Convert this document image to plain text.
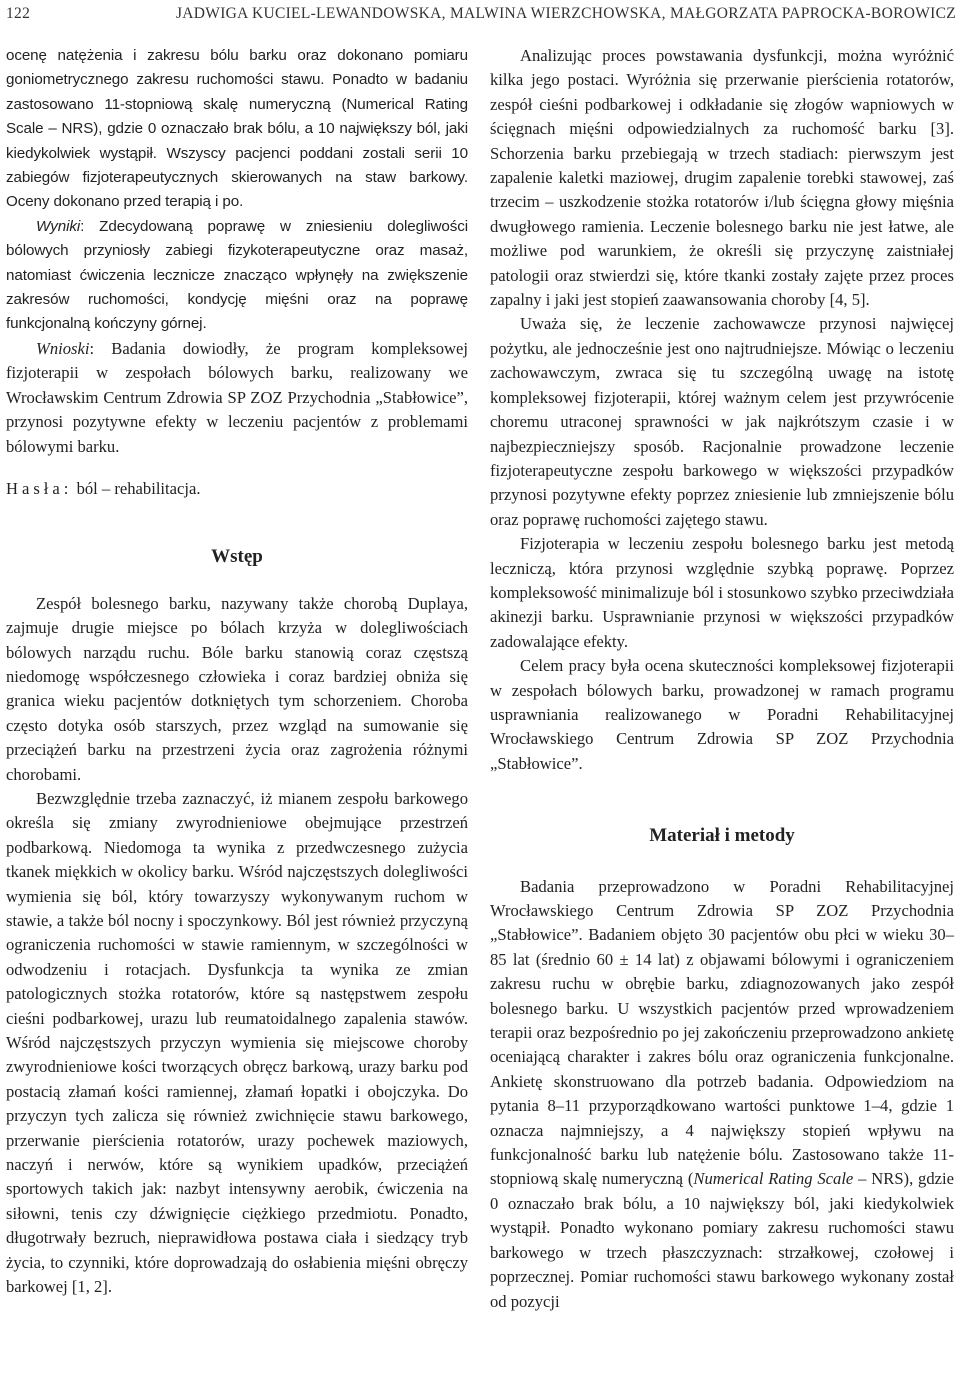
122	JADWIGA KUCIEL-LEWANDOWSKA, MALWINA WIERZCHOWSKA, MAŁGORZATA PAPROCKA-BOROWICZ

ocenę natężenia i zakresu bólu barku oraz dokonano pomiaru goniometrycznego zakresu ruchomości stawu. Ponadto w badaniu zastosowano 11-stopniową skalę numeryczną (Numerical Rating Scale – NRS), gdzie 0 oznaczało brak bólu, a 10 największy ból, jaki kiedykolwiek wystąpił. Wszyscy pacjenci poddani zostali serii 10 zabiegów fizjoterapeutycznych skierowanych na staw barkowy. Oceny dokonano przed terapią i po.

Wyniki: Zdecydowaną poprawę w zniesieniu dolegliwości bólowych przyniosły zabiegi fizykoterapeutyczne oraz masaż, natomiast ćwiczenia lecznicze znacząco wpłynęły na zwiększenie zakresów ruchomości, kondycję mięśni oraz na poprawę funkcjonalną kończyny górnej.

Wnioski: Badania dowiodły, że program kompleksowej fizjoterapii w zespołach bólowych barku, realizowany we Wrocławskim Centrum Zdrowia SP ZOZ Przychodnia „Stabłowice”, przynosi pozytywne efekty w leczeniu pacjentów z problemami bólowymi barku.

Hasła: ból – rehabilitacja.

Wstęp

Zespół bolesnego barku, nazywany także chorobą Duplaya, zajmuje drugie miejsce po bólach krzyża w dolegliwościach bólowych narządu ruchu. Bóle barku stanowią coraz częstszą niedomogę współczesnego człowieka i coraz bardziej obniża się granica wieku pacjentów dotkniętych tym schorzeniem. Choroba często dotyka osób starszych, przez wzgląd na sumowanie się przeciążeń barku na przestrzeni życia oraz zagrożenia różnymi chorobami.

Bezwzględnie trzeba zaznaczyć, iż mianem zespołu barkowego określa się zmiany zwyrodnieniowe obejmujące przestrzeń podbarkową. Niedomoga ta wynika z przedwczesnego zużycia tkanek miękkich w okolicy barku. Wśród najczęstszych dolegliwości wymienia się ból, który towarzyszy wykonywanym ruchom w stawie, a także ból nocny i spoczynkowy. Ból jest również przyczyną ograniczenia ruchomości w stawie ramiennym, w szczególności w odwodzeniu i rotacjach. Dysfunkcja ta wynika ze zmian patologicznych stożka rotatorów, które są następstwem zespołu cieśni podbarkowej, urazu lub reumatoidalnego zapalenia stawów. Wśród najczęstszych przyczyn wymienia się miejscowe choroby zwyrodnieniowe kości tworzących obręcz barkową, urazy barku pod postacią złamań kości ramiennej, złamań łopatki i obojczyka. Do przyczyn tych zalicza się również zwichnięcie stawu barkowego, przerwanie pierścienia rotatorów, urazy pochewek maziowych, naczyń i nerwów, które są wynikiem upadków, przeciążeń sportowych takich jak: nazbyt intensywny aerobik, ćwiczenia na siłowni, tenis czy dźwignięcie ciężkiego przedmiotu. Ponadto, długotrwały bezruch, nieprawidłowa postawa ciała i siedzący tryb życia, to czynniki, które doprowadzają do osłabienia mięśni obręczy barkowej [1, 2].

Analizując proces powstawania dysfunkcji, można wyróżnić kilka jego postaci. Wyróżnia się przerwanie pierścienia rotatorów, zespół cieśni podbarkowej i odkładanie się złogów wapniowych w ścięgnach mięśni odpowiedzialnych za ruchomość barku [3]. Schorzenia barku przebiegają w trzech stadiach: pierwszym jest zapalenie kaletki maziowej, drugim zapalenie torebki stawowej, zaś trzecim – uszkodzenie stożka rotatorów i/lub ścięgna głowy mięśnia dwugłowego ramienia. Leczenie bolesnego barku nie jest łatwe, ale możliwe pod warunkiem, że określi się przyczynę zaistniałej patologii oraz stwierdzi się, które tkanki zostały zajęte przez proces zapalny i jaki jest stopień zaawansowania choroby [4, 5].

Uważa się, że leczenie zachowawcze przynosi najwięcej pożytku, ale jednocześnie jest ono najtrudniejsze. Mówiąc o leczeniu zachowawczym, zwraca się tu szczególną uwagę na istotę kompleksowej fizjoterapii, której ważnym celem jest przywrócenie choremu utraconej sprawności w jak najkrótszym czasie i w najbezpieczniejszy sposób. Racjonalnie prowadzone leczenie fizjoterapeutyczne zespołu barkowego w większości przypadków przynosi pozytywne efekty poprzez zniesienie lub zmniejszenie bólu oraz poprawę ruchomości zajętego stawu.

Fizjoterapia w leczeniu zespołu bolesnego barku jest metodą leczniczą, która przynosi względnie szybką poprawę. Poprzez kompleksowość minimalizuje ból i stosunkowo szybko przeciwdziała akinezji barku. Usprawnianie przynosi w większości przypadków zadowalające efekty.

Celem pracy była ocena skuteczności kompleksowej fizjoterapii w zespołach bólowych barku, prowadzonej w ramach programu usprawniania realizowanego w Poradni Rehabilitacyjnej Wrocławskiego Centrum Zdrowia SP ZOZ Przychodnia „Stabłowice”.

Materiał i metody

Badania przeprowadzono w Poradni Rehabilitacyjnej Wrocławskiego Centrum Zdrowia SP ZOZ Przychodnia „Stabłowice”. Badaniem objęto 30 pacjentów obu płci w wieku 30–85 lat (średnio 60 ± 14 lat) z objawami bólowymi i ograniczeniem zakresu ruchu w obrębie barku, zdiagnozowanych jako zespół bolesnego barku. U wszystkich pacjentów przed wprowadzeniem terapii oraz bezpośrednio po jej zakończeniu przeprowadzono ankietę oceniającą charakter i zakres bólu oraz ograniczenia funkcjonalne. Ankietę skonstruowano dla potrzeb badania. Odpowiedziom na pytania 8–11 przyporządkowano wartości punktowe 1–4, gdzie 1 oznacza najmniejszy, a 4 największy stopień wpływu na funkcjonalność barku lub natężenie bólu. Zastosowano także 11-stopniową skalę numeryczną (Numerical Rating Scale – NRS), gdzie 0 oznaczało brak bólu, a 10 największy ból, jaki kiedykolwiek wystąpił. Ponadto wykonano pomiary zakresu ruchomości stawu barkowego w trzech płaszczyznach: strzałkowej, czołowej i poprzecznej. Pomiar ruchomości stawu barkowego wykonany został od pozycji
